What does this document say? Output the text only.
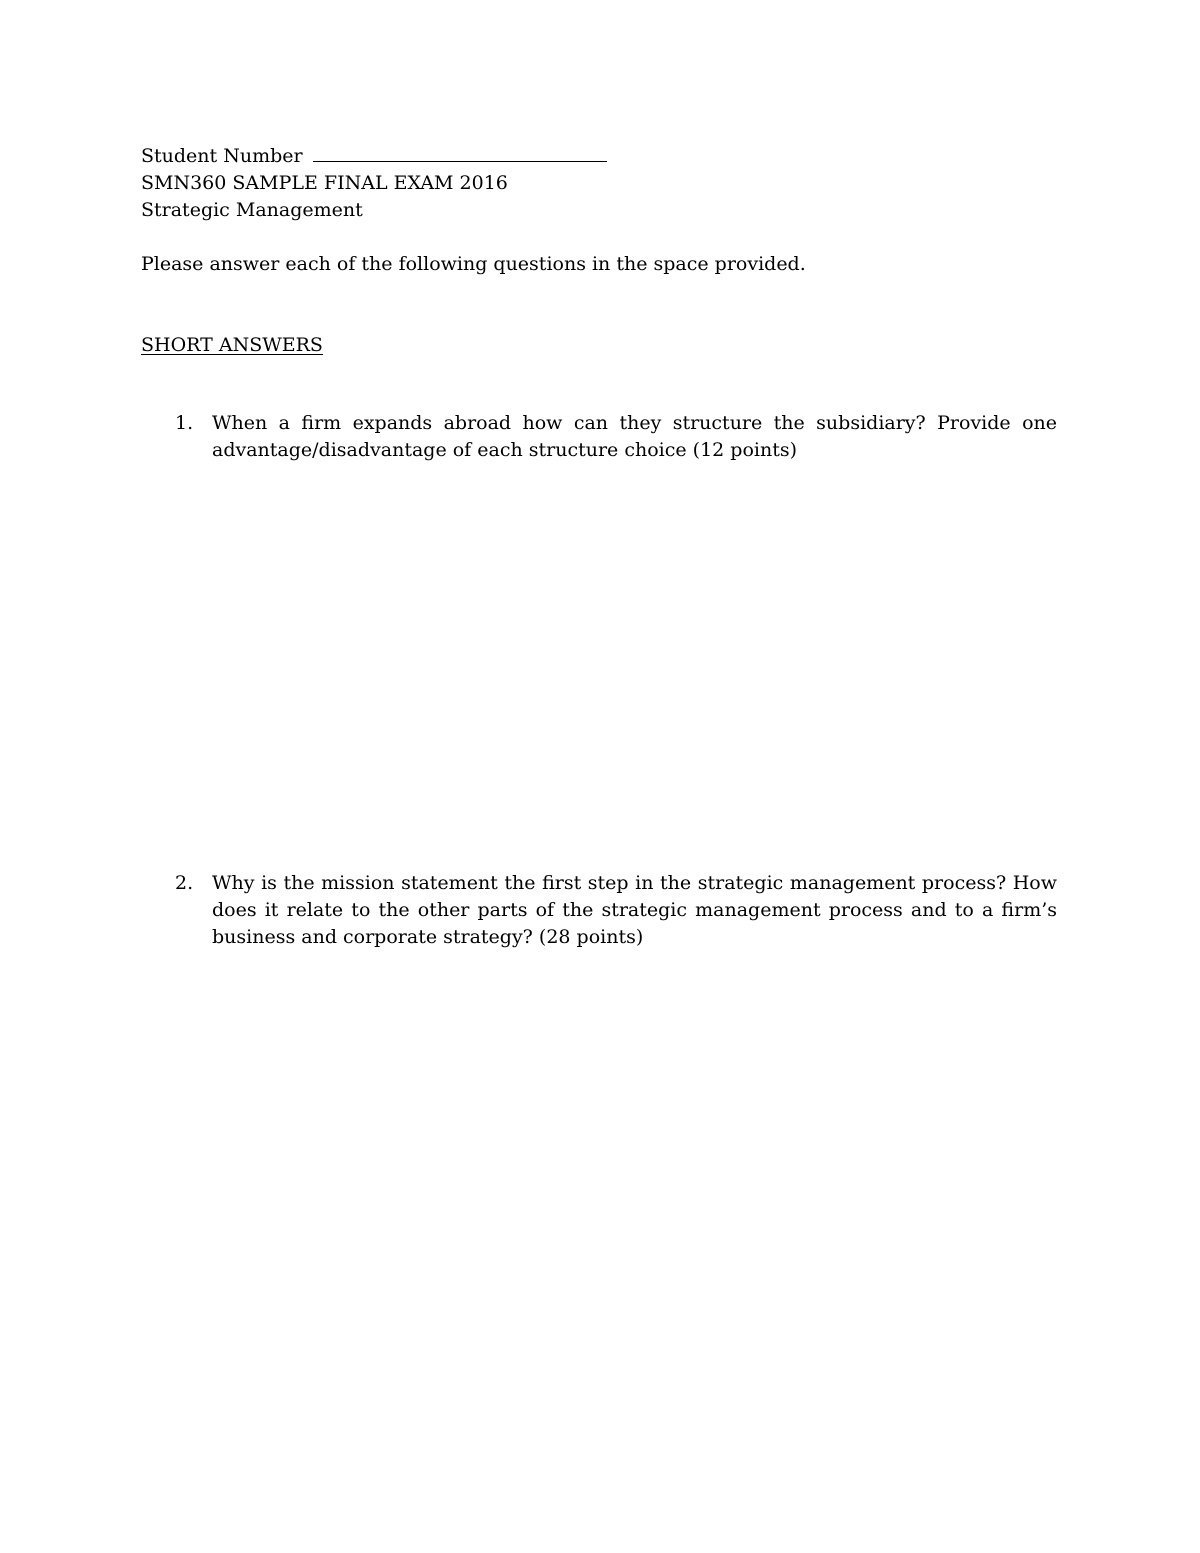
Student Number
SMN360 SAMPLE FINAL EXAM 2016
Strategic Management
Please answer each of the following questions in the space provided.
SHORT ANSWERS
1. When a firm expands abroad how can they structure the subsidiary? Provide one advantage/disadvantage of each structure choice (12 points)
2. Why is the mission statement the first step in the strategic management process? How does it relate to the other parts of the strategic management process and to a firm’s business and corporate strategy? (28 points)
